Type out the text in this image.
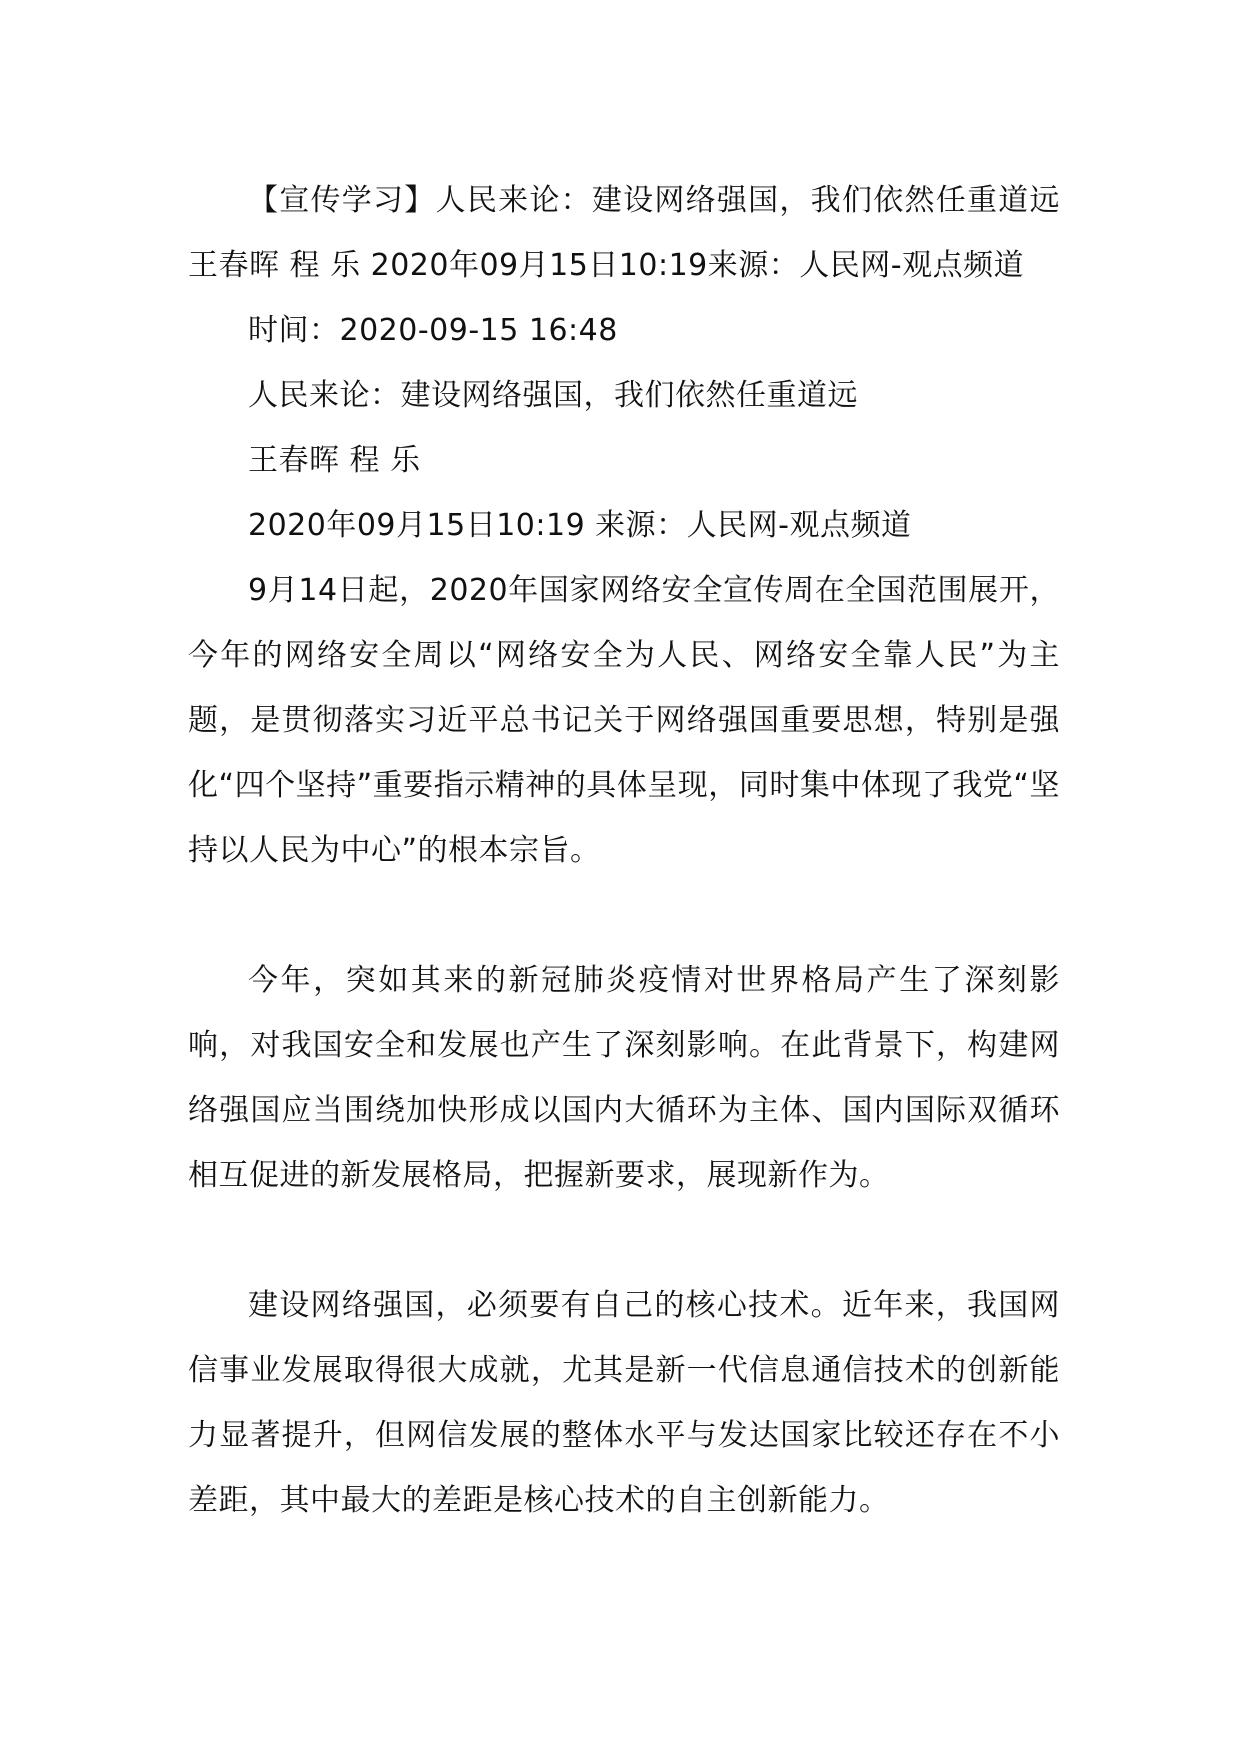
【宣传学习】人民来论：建设网络强国，我们依然任重道远 王春晖 程 乐 2020年09月15日10:19来源：人民网-观点频道

时间：2020-09-15 16:48

人民来论：建设网络强国，我们依然任重道远

王春晖 程 乐

2020年09月15日10:19 来源：人民网-观点频道

9月14日起，2020年国家网络安全宣传周在全国范围展开，今年的网络安全周以“网络安全为人民、网络安全靠人民”为主题，是贯彻落实习近平总书记关于网络强国重要思想，特别是强化“四个坚持”重要指示精神的具体呈现，同时集中体现了我党“坚持以人民为中心”的根本宗旨。

今年，突如其来的新冠肺炎疫情对世界格局产生了深刻影响，对我国安全和发展也产生了深刻影响。在此背景下，构建网络强国应当围绕加快形成以国内大循环为主体、国内国际双循环相互促进的新发展格局，把握新要求，展现新作为。

建设网络强国，必须要有自己的核心技术。近年来，我国网信事业发展取得很大成就，尤其是新一代信息通信技术的创新能力显著提升，但网信发展的整体水平与发达国家比较还存在不小差距，其中最大的差距是核心技术的自主创新能力。
